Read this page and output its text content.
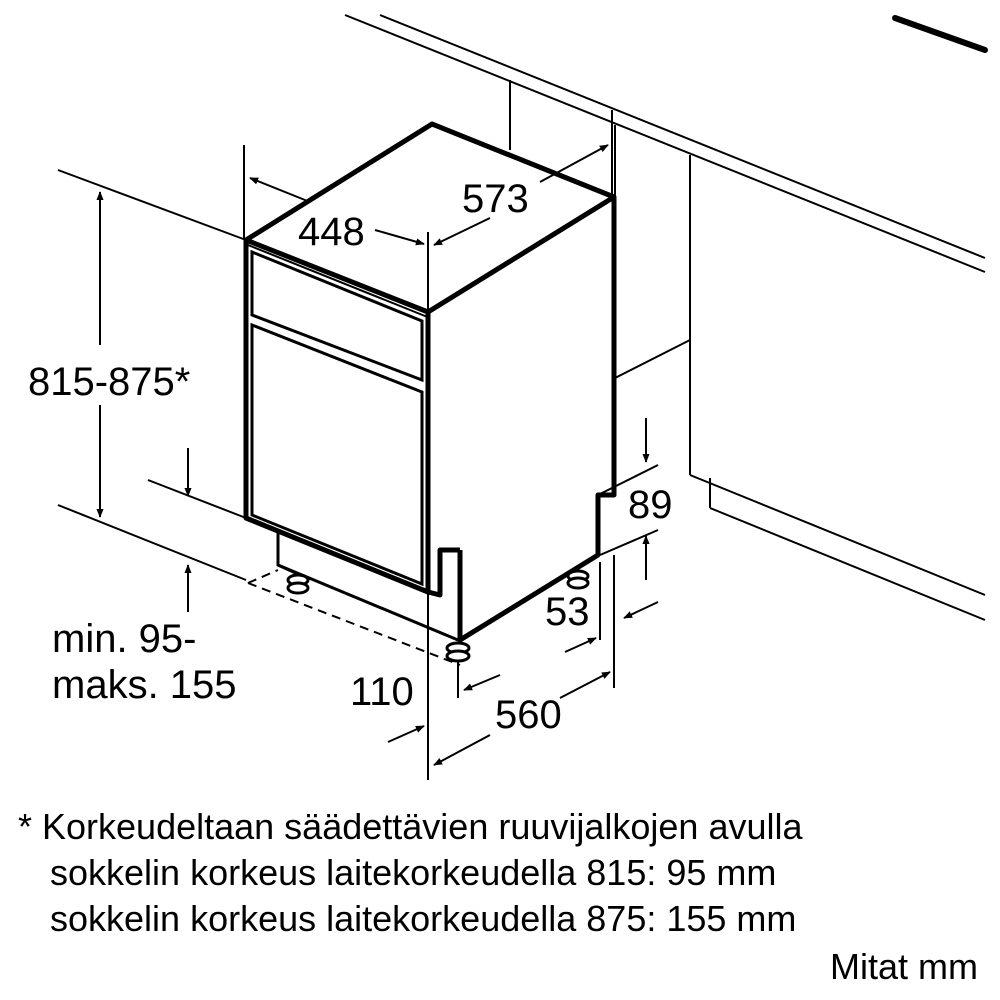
448
573
815-875*
min. 95-
maks. 155
89
53
110
560
* Korkeudeltaan säädettävien ruuvijalkojen avulla
sokkelin korkeus laitekorkeudella 815: 95 mm
sokkelin korkeus laitekorkeudella 875: 155 mm
Mitat mm
